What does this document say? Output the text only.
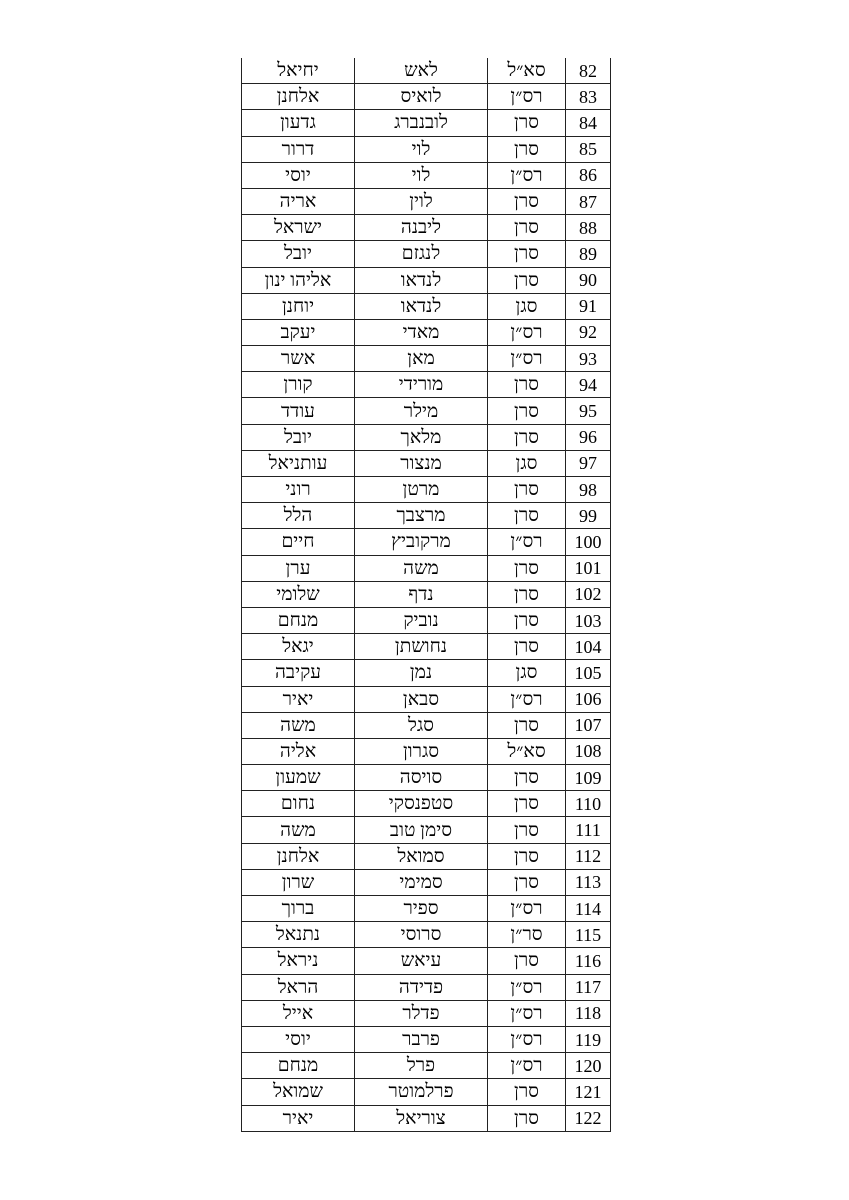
יחיאל	לאש	סא״ל	82
אלחנן	לואיס	רס״ן	83
גדעון	לובנברג	סרן	84
דרור	לוי	סרן	85
יוסי	לוי	רס״ן	86
אריה	לוין	סרן	87
ישראל	ליבנה	סרן	88
יובל	לנגזם	סרן	89
אליהו ינון	לנדאו	סרן	90
יוחנן	לנדאו	סגן	91
יעקב	מאדי	רס״ן	92
אשר	מאן	רס״ן	93
קורן	מורידי	סרן	94
עודד	מילר	סרן	95
יובל	מלאך	סרן	96
עותניאל	מנצור	סגן	97
רוני	מרטן	סרן	98
הלל	מרצבך	סרן	99
חיים	מרקוביץ	רס״ן	100
ערן	משה	סרן	101
שלומי	נדף	סרן	102
מנחם	נוביק	סרן	103
יגאל	נחושתן	סרן	104
עקיבה	נמן	סגן	105
יאיר	סבאן	רס״ן	106
משה	סגל	סרן	107
אליה	סגרון	סא״ל	108
שמעון	סויסה	סרן	109
נחום	סטפנסקי	סרן	110
משה	סימן טוב	סרן	111
אלחנן	סמואל	סרן	112
שרון	סמימי	סרן	113
ברוך	ספיר	רס״ן	114
נתנאל	סרוסי	סר״ן	115
ניראל	עיאש	סרן	116
הראל	פדידה	רס״ן	117
אייל	פדלר	רס״ן	118
יוסי	פרבר	רס״ן	119
מנחם	פרל	רס״ן	120
שמואל	פרלמוטר	סרן	121
יאיר	צוריאל	סרן	122
